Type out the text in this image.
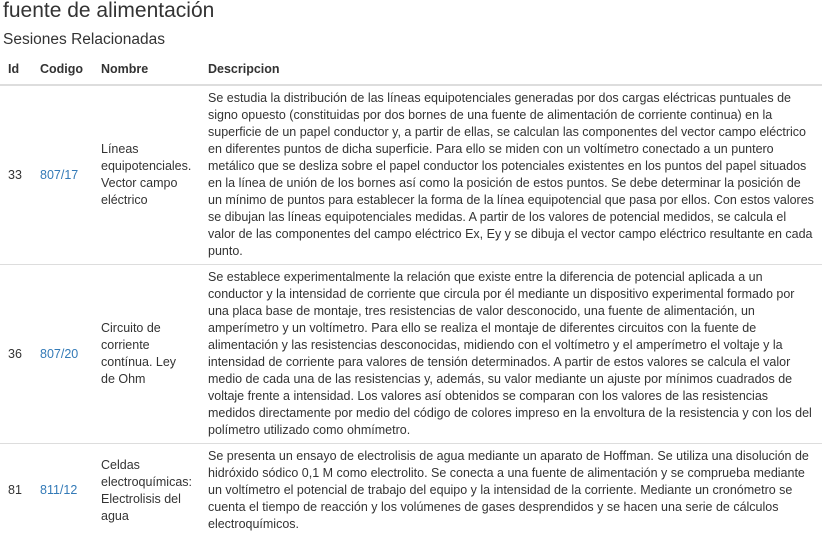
fuente de alimentación
Sesiones Relacionadas
Id	Codigo	Nombre	Descripcion
33	807/17	Líneas equipotenciales. Vector campo eléctrico	Se estudia la distribución de las líneas equipotenciales generadas por dos cargas eléctricas puntuales de signo opuesto (constituidas por dos bornes de una fuente de alimentación de corriente continua) en la superficie de un papel conductor y, a partir de ellas, se calculan las componentes del vector campo eléctrico en diferentes puntos de dicha superficie. Para ello se miden con un voltímetro conectado a un puntero metálico que se desliza sobre el papel conductor los potenciales existentes en los puntos del papel situados en la línea de unión de los bornes así como la posición de estos puntos. Se debe determinar la posición de un mínimo de puntos para establecer la forma de la línea equipotencial que pasa por ellos. Con estos valores se dibujan las líneas equipotenciales medidas. A partir de los valores de potencial medidos, se calcula el valor de las componentes del campo eléctrico Ex, Ey y se dibuja el vector campo eléctrico resultante en cada punto.
36	807/20	Circuito de corriente contínua. Ley de Ohm	Se establece experimentalmente la relación que existe entre la diferencia de potencial aplicada a un conductor y la intensidad de corriente que circula por él mediante un dispositivo experimental formado por una placa base de montaje, tres resistencias de valor desconocido, una fuente de alimentación, un amperímetro y un voltímetro. Para ello se realiza el montaje de diferentes circuitos con la fuente de alimentación y las resistencias desconocidas, midiendo con el voltímetro y el amperímetro el voltaje y la intensidad de corriente para valores de tensión determinados. A partir de estos valores se calcula el valor medio de cada una de las resistencias y, además, su valor mediante un ajuste por mínimos cuadrados de voltaje frente a intensidad. Los valores así obtenidos se comparan con los valores de las resistencias medidos directamente por medio del código de colores impreso en la envoltura de la resistencia y con los del polímetro utilizado como ohmímetro.
81	811/12	Celdas electroquímicas: Electrolisis del agua	Se presenta un ensayo de electrolisis de agua mediante un aparato de Hoffman. Se utiliza una disolución de hidróxido sódico 0,1 M como electrolito. Se conecta a una fuente de alimentación y se comprueba mediante un voltímetro el potencial de trabajo del equipo y la intensidad de la corriente. Mediante un cronómetro se cuenta el tiempo de reacción y los volúmenes de gases desprendidos y se hacen una serie de cálculos electroquímicos.
